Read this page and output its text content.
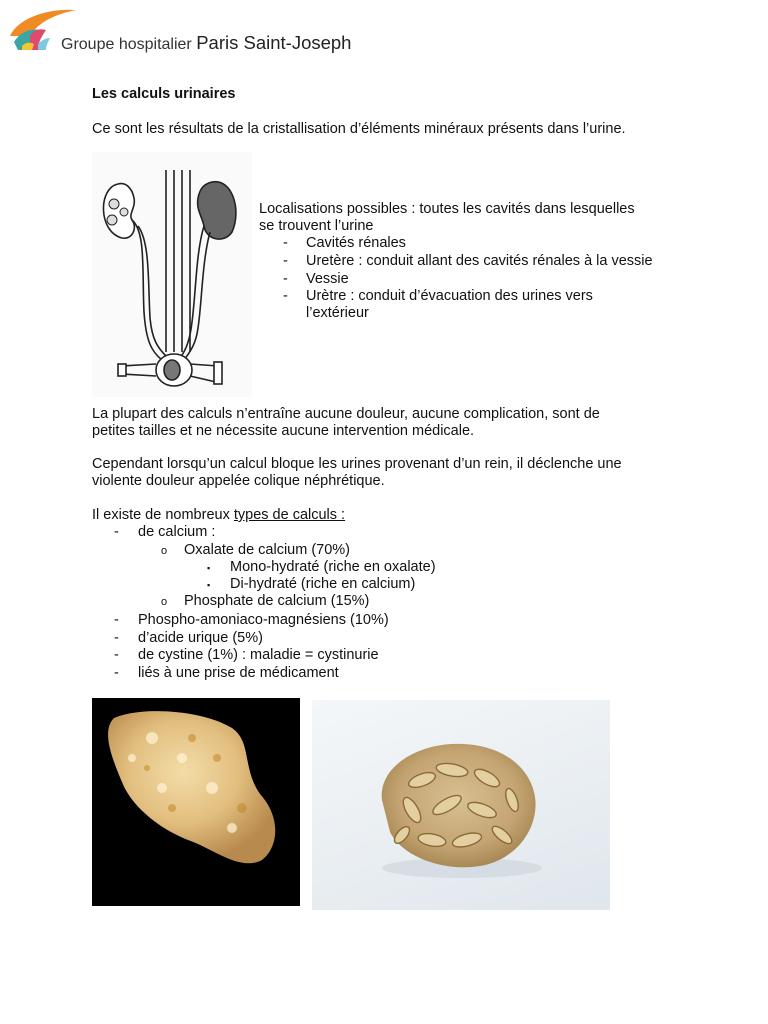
Groupe hospitalier Paris Saint-Joseph
Les calculs urinaires
Ce sont les résultats de la cristallisation d’éléments minéraux présents dans l’urine.
Localisations possibles : toutes les cavités dans lesquelles
se trouvent l’urine
- Cavités rénales
- Uretère : conduit allant des cavités rénales à la vessie
- Vessie
- Urètre : conduit d’évacuation des urines vers
l’extérieur
La plupart des calculs n’entraîne aucune douleur, aucune complication, sont de
petites tailles et ne nécessite aucune intervention médicale.
Cependant lorsqu’un calcul bloque les urines provenant d’un rein, il déclenche une
violente douleur appelée colique néphrétique.
Il existe de nombreux types de calculs :
- de calcium :
o Oxalate de calcium (70%)
▪ Mono-hydraté (riche en oxalate)
▪ Di-hydraté (riche en calcium)
o Phosphate de calcium (15%)
- Phospho-amoniaco-magnésiens (10%)
- d’acide urique (5%)
- de cystine (1%) : maladie = cystinurie
- liés à une prise de médicament
